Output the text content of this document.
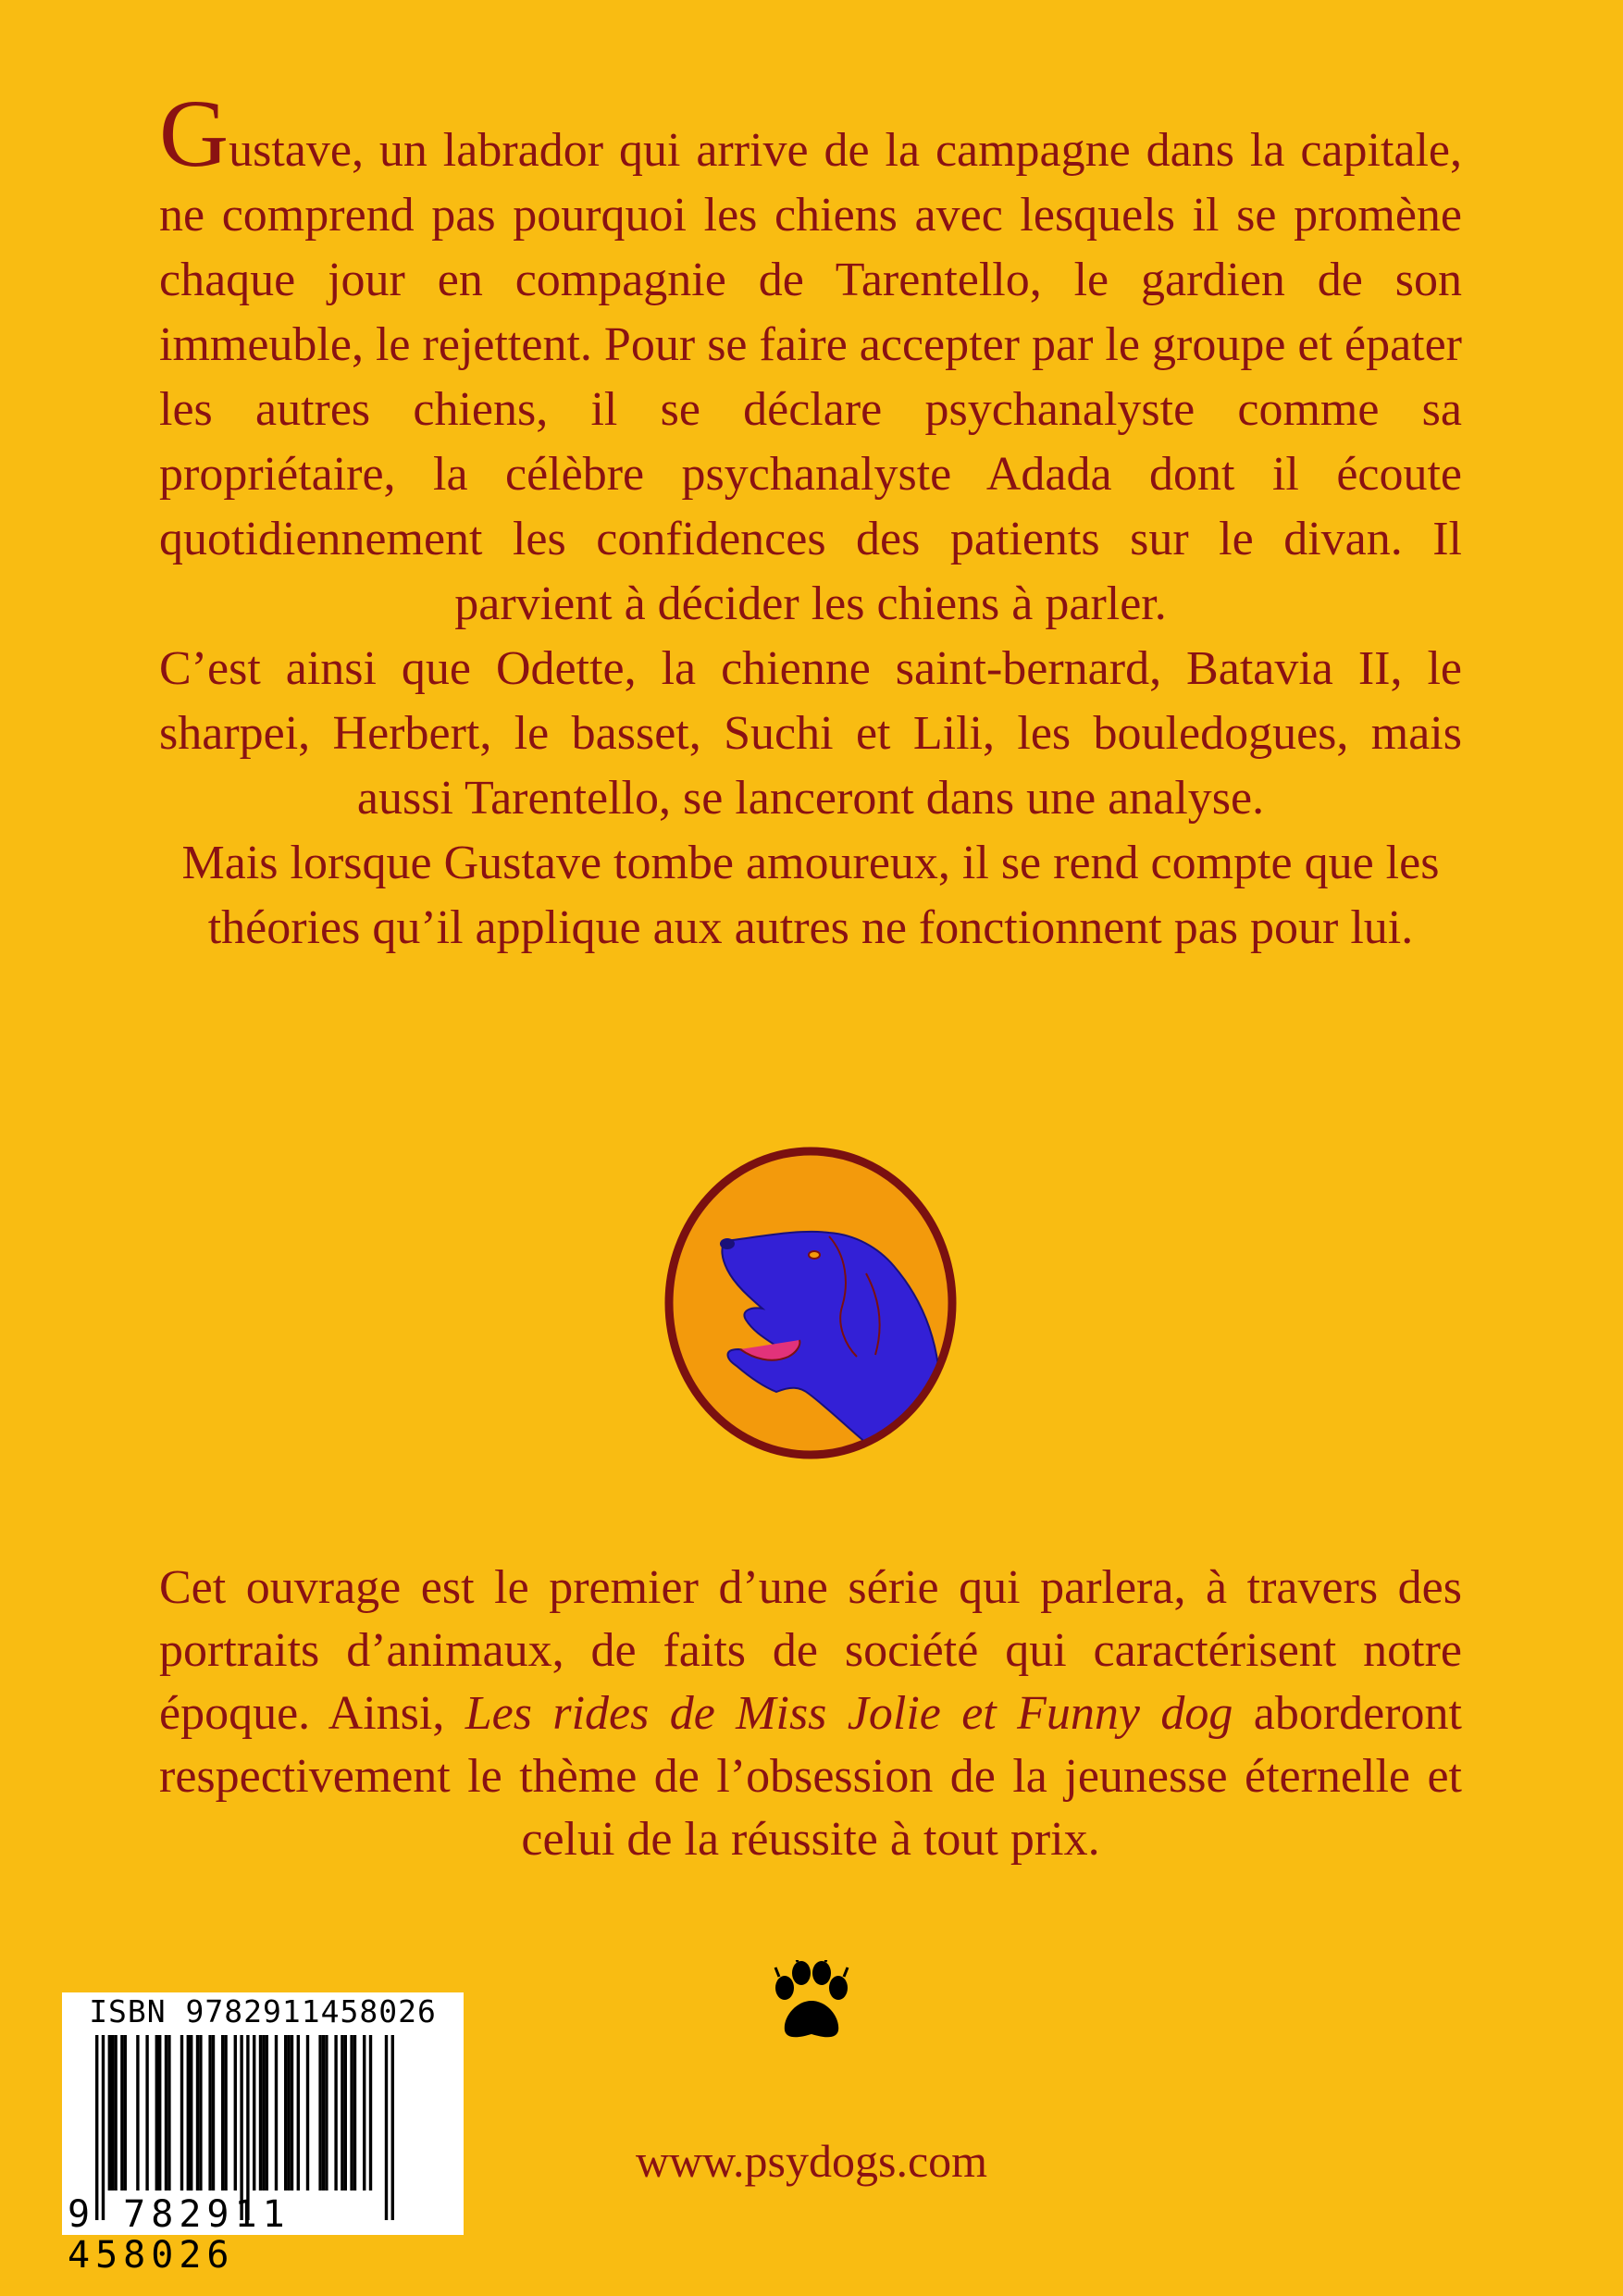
Gustave, un labrador qui arrive de la campagne dans la capitale, ne comprend pas pourquoi les chiens avec lesquels il se promène chaque jour en compagnie de Tarentello, le gardien de son immeuble, le rejettent. Pour se faire accepter par le groupe et épater les autres chiens, il se déclare psychanalyste comme sa propriétaire, la célèbre psychanalyste Adada dont il écoute quotidiennement les confidences des patients sur le divan. Il parvient à décider les chiens à parler.

C’est ainsi que Odette, la chienne saint-bernard, Batavia II, le sharpei, Herbert, le basset, Suchi et Lili, les bouledogues, mais aussi Tarentello, se lanceront dans une analyse.

Mais lorsque Gustave tombe amoureux, il se rend compte que les théories qu’il applique aux autres ne fonctionnent pas pour lui.

Cet ouvrage est le premier d’une série qui parlera, à travers des portraits d’animaux, de faits de société qui caractérisent notre époque. Ainsi, Les rides de Miss Jolie et Funny dog aborderont respectivement le thème de l’obsession de la jeunesse éternelle et celui de la réussite à tout prix.

www.psydogs.com
ISBN 9782911458026
9 782911 458026
